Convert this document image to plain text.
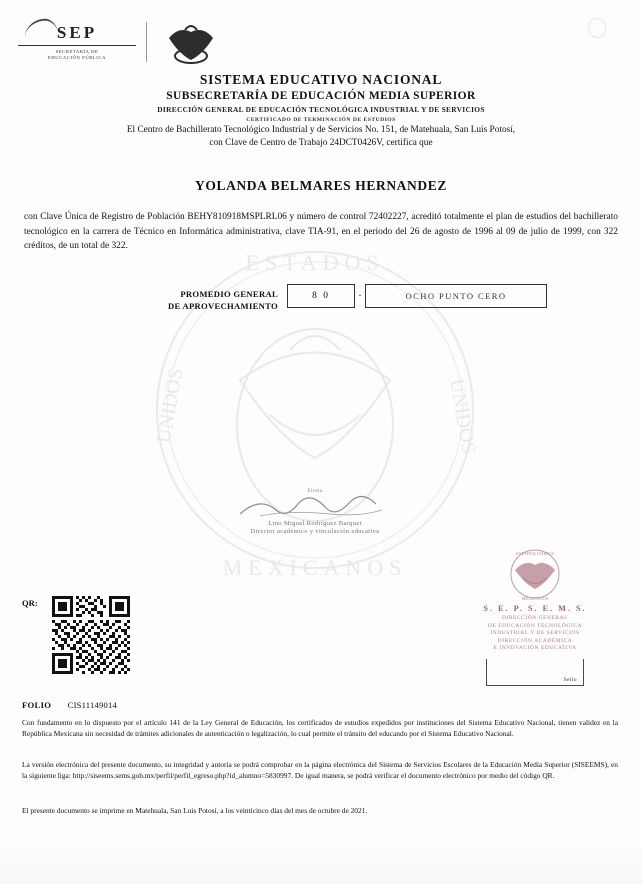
ESTADOS
MEXICANOS
UNIDOS	UNIDOS
SEP
SECRETARÍA DE
EDUCACIÓN PÚBLICA
SISTEMA EDUCATIVO NACIONAL
SUBSECRETARÍA DE EDUCACIÓN MEDIA SUPERIOR
DIRECCIÓN GENERAL DE EDUCACIÓN TECNOLÓGICA INDUSTRIAL Y DE SERVICIOS
CERTIFICADO DE TERMINACIÓN DE ESTUDIOS
El Centro de Bachillerato Tecnológico Industrial y de Servicios No. 151, de Matehuala, San Luis Potosí,
con Clave de Centro de Trabajo 24DCT0426V, certifica que
YOLANDA BELMARES HERNANDEZ
con Clave Única de Registro de Población BEHY810918MSPLRL06 y número de control 72402227, acreditó totalmente el plan de estudios del bachillerato tecnológico en la carrera de Técnico en Informática administrativa, clave TIA-91, en el periodo del 26 de agosto de 1996 al 09 de julio de 1999, con 322 créditos, de un total de 322.
PROMEDIO GENERAL
DE APROVECHAMIENTO
8 0	.	OCHO PUNTO CERO
Firma
Lino Miguel Rodríguez Barquet
Director académico y vinculación educativa
ESTADOS UNIDOS
MEXICANOS
S. E. P. S. E. M. S.
DIRECCIÓN GENERAL
DE EDUCACIÓN TECNOLÓGICA
INDUSTRIAL Y DE SERVICIOS
DIRECCIÓN ACADÉMICA
E INNOVACIÓN EDUCATIVA
Sello
QR:
FOLIO CIS11149014
Con fundamento en lo dispuesto por el artículo 141 de la Ley General de Educación, los certificados de estudios expedidos por instituciones del Sistema Educativo Nacional, tienen validez en la República Mexicana sin necesidad de trámites adicionales de autenticación o legalización, lo cual permite el tránsito del educando por el Sistema Educativo Nacional.
La versión electrónica del presente documento, su integridad y autoría se podrá comprobar en la página electrónica del Sistema de Servicios Escolares de la Educación Media Superior (SISEEMS), en la siguiente liga: http://siseems.sems.gob.mx/perfil/perfil_egreso.php?id_alumno=5830997. De igual manera, se podrá verificar el documento electrónico por medio del código QR.
El presente documento se imprime en Matehuala, San Luis Potosí, a los veinticinco días del mes de octubre de 2021.
